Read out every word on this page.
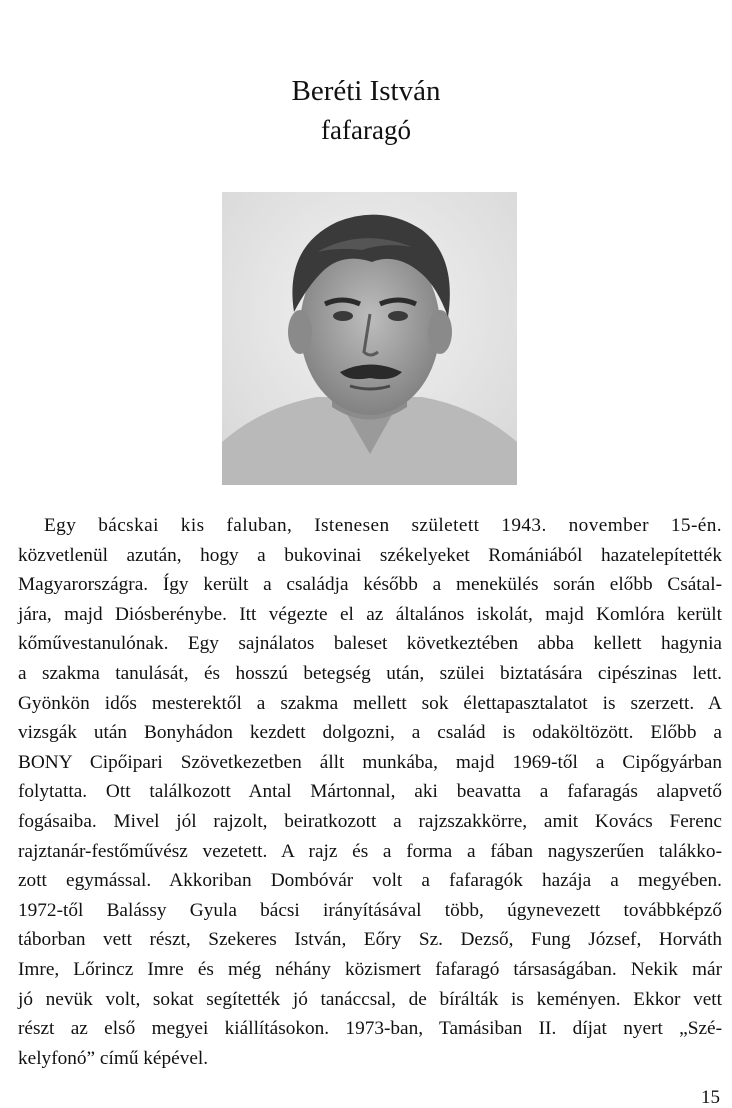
Beréti István
fafaragó
Egy bácskai kis faluban, Istenesen született 1943. november 15-én.
közvetlenül azután, hogy a bukovinai székelyeket Romániából hazatelepítették
Magyarországra. Így került a családja később a menekülés során előbb Csátal-
jára, majd Diósberénybe. Itt végezte el az általános iskolát, majd Komlóra került
kőművestanulónak. Egy sajnálatos baleset következtében abba kellett hagynia
a szakma tanulását, és hosszú betegség után, szülei biztatására cipészinas lett.
Gyönkön idős mesterektől a szakma mellett sok élettapasztalatot is szerzett. A
vizsgák után Bonyhádon kezdett dolgozni, a család is odaköltözött. Előbb a
BONY Cipőipari Szövetkezetben állt munkába, majd 1969-től a Cipőgyárban
folytatta. Ott találkozott Antal Mártonnal, aki beavatta a fafaragás alapvető
fogásaiba. Mivel jól rajzolt, beiratkozott a rajzszakkörre, amit Kovács Ferenc
rajztanár-festőművész vezetett. A rajz és a forma a fában nagyszerűen talákko-
zott egymással. Akkoriban Dombóvár volt a fafaragók hazája a megyében.
1972-től Balássy Gyula bácsi irányításával több, úgynevezett továbbképző
táborban vett részt, Szekeres István, Eőry Sz. Dezső, Fung József, Horváth
Imre, Lőrincz Imre és még néhány közismert fafaragó társaságában. Nekik már
jó nevük volt, sokat segítették jó tanáccsal, de bírálták is keményen. Ekkor vett
részt az első megyei kiállításokon. 1973-ban, Tamásiban II. díjat nyert „Szé-
kelyfonó” című képével.
15
